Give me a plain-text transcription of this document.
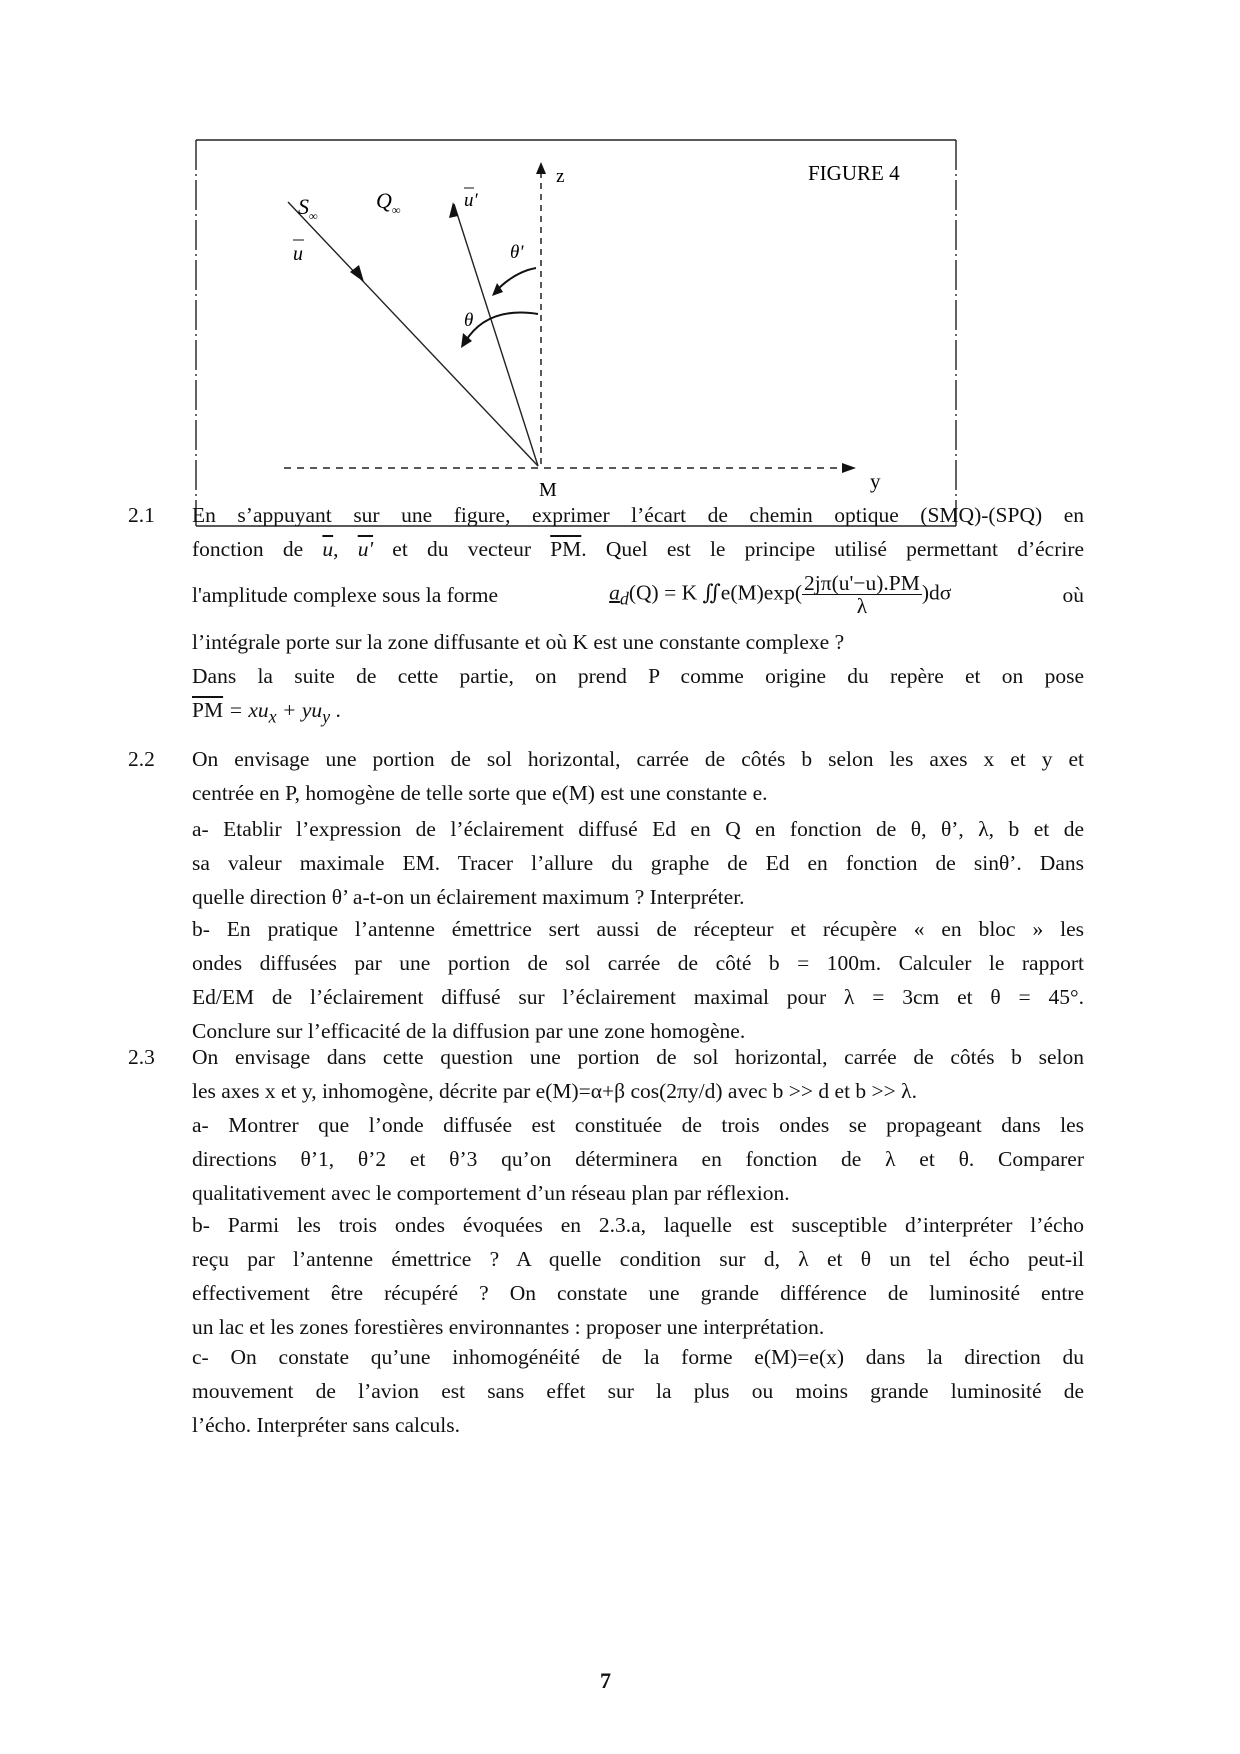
FIGURE 4
z
y
M
$S_\infty$
u
$Q_\infty$	u'
θ'
θ
2.1 En s’appuyant sur une figure, exprimer l’écart de chemin optique (SMQ)-(SPQ) en
fonction de $\overline{u}$, u' et du vecteur $\overline{PM}$. Quel est le principe utilisé permettant d’écrire
l'amplitude complexe sous la forme	$a_d(Q) = K$ ∬e(M)exp( $\frac{2j\pi(u'-u).PM}{\lambda} )d\sigma$	où
l’intégrale porte sur la zone diffusante et où K est une constante complexe ?
Dans la suite de cette partie, on prend P comme origine du repère et on pose
$\overline{PM} = xu_x + yu_y$ .
2.2 On envisage une portion de sol horizontal, carrée de côtés b selon les axes x et y et
centrée en P, homogène de telle sorte que e(M) est une constante e.
a- Etablir l’expression de l’éclairement diffusé Ed en Q en fonction de θ, θ’, λ, b et de
sa valeur maximale EM. Tracer l’allure du graphe de Ed en fonction de sinθ’. Dans
quelle direction θ’ a-t-on un éclairement maximum ? Interpréter.
b- En pratique l’antenne émettrice sert aussi de récepteur et récupère « en bloc » les
ondes diffusées par une portion de sol carrée de côté b = 100m. Calculer le rapport
Ed/EM de l’éclairement diffusé sur l’éclairement maximal pour λ = 3cm et θ = 45°.
Conclure sur l’efficacité de la diffusion par une zone homogène.
2.3 On envisage dans cette question une portion de sol horizontal, carrée de côtés b selon
les axes x et y, inhomogène, décrite par e(M)=α+β cos(2πy/d) avec b >> d et b >> λ.
a- Montrer que l’onde diffusée est constituée de trois ondes se propageant dans les
directions θ’1, θ’2 et θ’3 qu’on déterminera en fonction de λ et θ. Comparer
qualitativement avec le comportement d’un réseau plan par réflexion.
b- Parmi les trois ondes évoquées en 2.3.a, laquelle est susceptible d’interpréter l’écho
reçu par l’antenne émettrice ? A quelle condition sur d, λ et θ un tel écho peut-il
effectivement être récupéré ? On constate une grande différence de luminosité entre
un lac et les zones forestières environnantes : proposer une interprétation.
c- On constate qu’une inhomogénéité de la forme e(M)=e(x) dans la direction du
mouvement de l’avion est sans effet sur la plus ou moins grande luminosité de
l’écho. Interpréter sans calculs.
7
